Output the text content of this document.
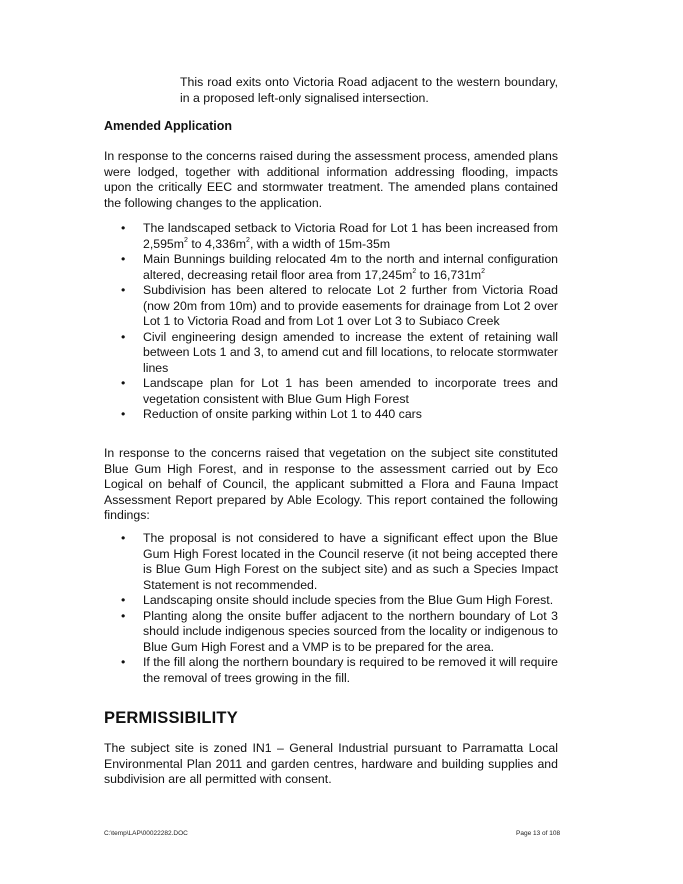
This road exits onto Victoria Road adjacent to the western boundary, in a proposed left-only signalised intersection.
Amended Application
In response to the concerns raised during the assessment process, amended plans were lodged, together with additional information addressing flooding, impacts upon the critically EEC and stormwater treatment. The amended plans contained the following changes to the application.
• The landscaped setback to Victoria Road for Lot 1 has been increased from $2,595m^2$ to $4,336m^2$, with a width of 15m-35m
• Main Bunnings building relocated 4m to the north and internal configuration altered, decreasing retail floor area from $17,245m^2$ to $16,731m^2$
• Subdivision has been altered to relocate Lot 2 further from Victoria Road (now 20m from 10m) and to provide easements for drainage from Lot 2 over Lot 1 to Victoria Road and from Lot 1 over Lot 3 to Subiaco Creek
• Civil engineering design amended to increase the extent of retaining wall between Lots 1 and 3, to amend cut and fill locations, to relocate stormwater lines
• Landscape plan for Lot 1 has been amended to incorporate trees and vegetation consistent with Blue Gum High Forest
• Reduction of onsite parking within Lot 1 to 440 cars
In response to the concerns raised that vegetation on the subject site constituted Blue Gum High Forest, and in response to the assessment carried out by Eco Logical on behalf of Council, the applicant submitted a Flora and Fauna Impact Assessment Report prepared by Able Ecology. This report contained the following findings:
• The proposal is not considered to have a significant effect upon the Blue Gum High Forest located in the Council reserve (it not being accepted there is Blue Gum High Forest on the subject site) and as such a Species Impact Statement is not recommended.
• Landscaping onsite should include species from the Blue Gum High Forest.
• Planting along the onsite buffer adjacent to the northern boundary of Lot 3 should include indigenous species sourced from the locality or indigenous to Blue Gum High Forest and a VMP is to be prepared for the area.
• If the fill along the northern boundary is required to be removed it will require the removal of trees growing in the fill.
PERMISSIBILITY
The subject site is zoned IN1 – General Industrial pursuant to Parramatta Local Environmental Plan 2011 and garden centres, hardware and building supplies and subdivision are all permitted with consent.
C:\temp\LAP\00022282.DOC	Page 13 of 108
